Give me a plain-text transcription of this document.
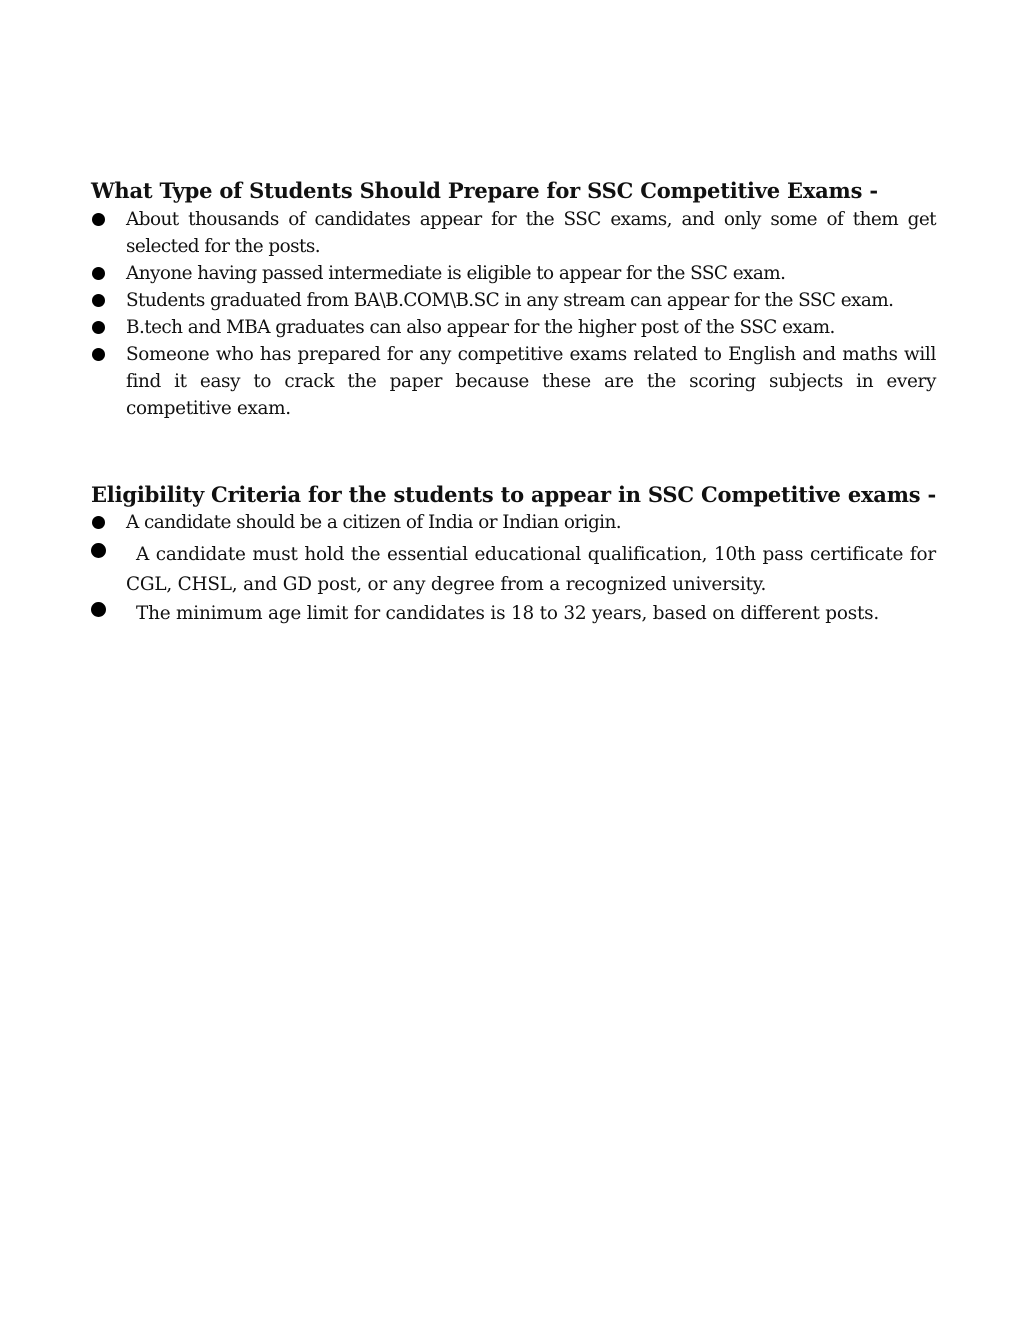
What Type of Students Should Prepare for SSC Competitive Exams -
About thousands of candidates appear for the SSC exams, and only some of them get selected for the posts.
Anyone having passed intermediate is eligible to appear for the SSC exam.
Students graduated from BA\B.COM\B.SC in any stream can appear for the SSC exam.
B.tech and MBA graduates can also appear for the higher post of the SSC exam.
Someone who has prepared for any competitive exams related to English and maths will find it easy to crack the paper because these are the scoring subjects in every competitive exam.
Eligibility Criteria for the students to appear in SSC Competitive exams -
A candidate should be a citizen of India or Indian origin.
A candidate must hold the essential educational qualification, 10th pass certificate for CGL, CHSL, and GD post, or any degree from a recognized university.
The minimum age limit for candidates is 18 to 32 years, based on different posts.
